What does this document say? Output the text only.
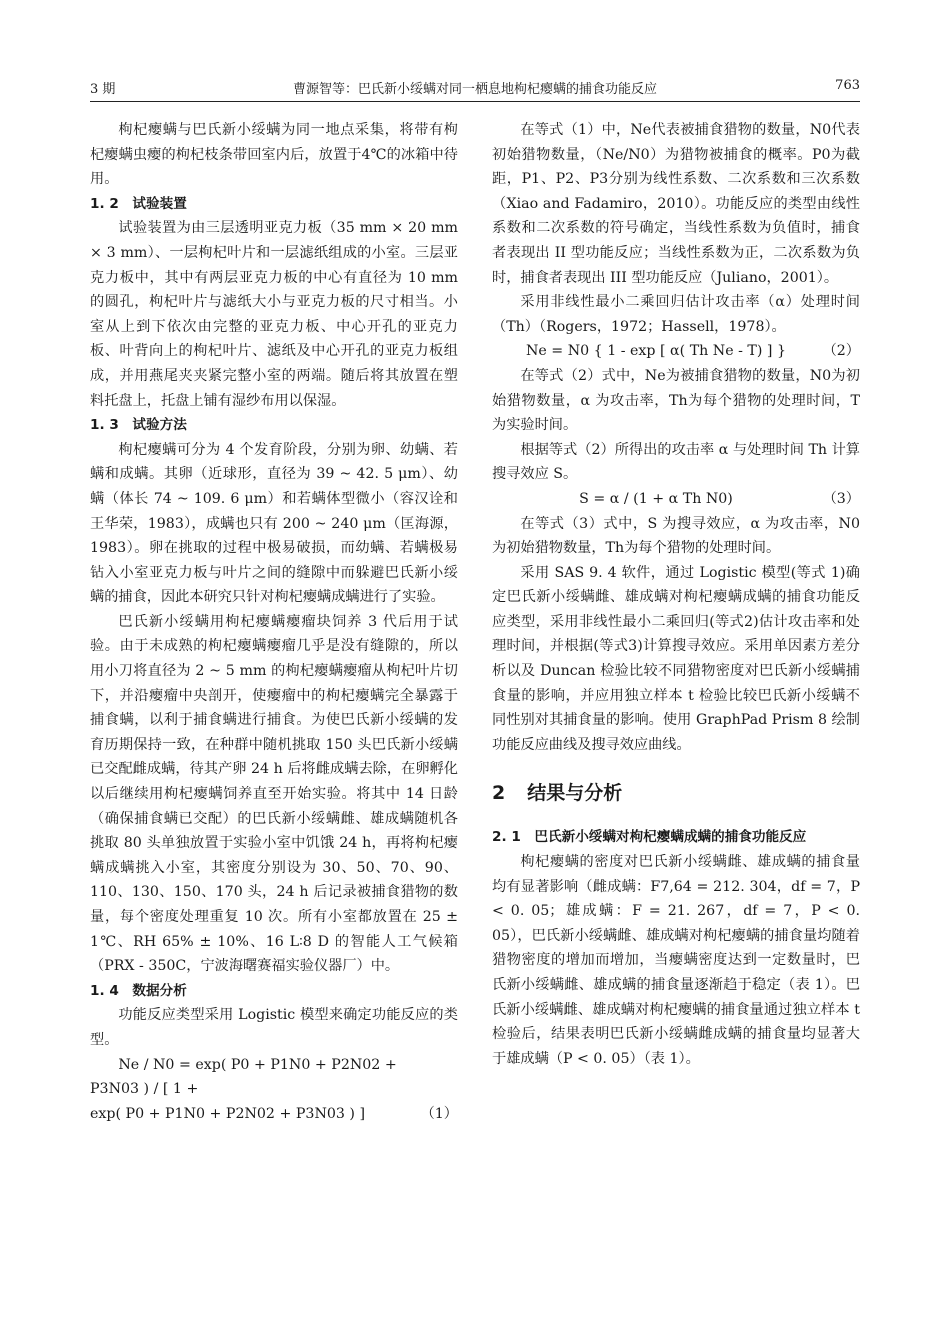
3 期	曹源智等：巴氏新小绥螨对同一栖息地枸杞瘿螨的捕食功能反应	763

枸杞瘿螨与巴氏新小绥螨为同一地点采集，将带有枸杞瘿螨虫瘿的枸杞枝条带回室内后，放置于4℃的冰箱中待用。

1. 2　试验装置

试验装置为由三层透明亚克力板（35 mm × 20 mm × 3 mm）、一层枸杞叶片和一层滤纸组成的小室。三层亚克力板中，其中有两层亚克力板的中心有直径为 10 mm 的圆孔，枸杞叶片与滤纸大小与亚克力板的尺寸相当。小室从上到下依次由完整的亚克力板、中心开孔的亚克力板、叶背向上的枸杞叶片、滤纸及中心开孔的亚克力板组成，并用燕尾夹夹紧完整小室的两端。随后将其放置在塑料托盘上，托盘上铺有湿纱布用以保湿。

1. 3　试验方法

枸杞瘿螨可分为 4 个发育阶段，分别为卵、幼螨、若螨和成螨。其卵（近球形，直径为 39 ~ 42. 5 μm）、幼螨（体长 74 ~ 109. 6 μm）和若螨体型微小（容汉诠和王华荣，1983），成螨也只有 200 ~ 240 μm（匡海源，1983）。卵在挑取的过程中极易破损，而幼螨、若螨极易钻入小室亚克力板与叶片之间的缝隙中而躲避巴氏新小绥螨的捕食，因此本研究只针对枸杞瘿螨成螨进行了实验。

巴氏新小绥螨用枸杞瘿螨瘿瘤块饲养 3 代后用于试验。由于未成熟的枸杞瘿螨瘿瘤几乎是没有缝隙的，所以用小刀将直径为 2 ~ 5 mm 的枸杞瘿螨瘿瘤从枸杞叶片切下，并沿瘿瘤中央剖开，使瘿瘤中的枸杞瘿螨完全暴露于捕食螨，以利于捕食螨进行捕食。为使巴氏新小绥螨的发育历期保持一致，在种群中随机挑取 150 头巴氏新小绥螨已交配雌成螨，待其产卵 24 h 后将雌成螨去除，在卵孵化以后继续用枸杞瘿螨饲养直至开始实验。将其中 14 日龄（确保捕食螨已交配）的巴氏新小绥螨雌、雄成螨随机各挑取 80 头单独放置于实验小室中饥饿 24 h，再将枸杞瘿螨成螨挑入小室，其密度分别设为 30、50、70、90、110、130、150、170 头，24 h 后记录被捕食猎物的数量，每个密度处理重复 10 次。所有小室都放置在 25 ± 1℃、RH 65% ± 10%、16 L∶8 D 的智能人工气候箱（PRX - 350C，宁波海曙赛福实验仪器厂）中。

1. 4　数据分析

功能反应类型采用 Logistic 模型来确定功能反应的类型。

Ne / N0 = exp( P0 + P1N0 + P2N02 + P3N03 ) / [ 1 +

exp( P0 + P1N0 + P2N02 + P3N03 ) ]	（1）

在等式（1）中，Ne代表被捕食猎物的数量，N0代表初始猎物数量，（Ne/N0）为猎物被捕食的概率。P0为截距，P1、P2、P3分别为线性系数、二次系数和三次系数（Xiao and Fadamiro，2010）。功能反应的类型由线性系数和二次系数的符号确定，当线性系数为负值时，捕食者表现出 II 型功能反应；当线性系数为正，二次系数为负时，捕食者表现出 III 型功能反应（Juliano，2001）。

采用非线性最小二乘回归估计攻击率（α）处理时间（Th）（Rogers，1972；Hassell，1978）。

Ne = N0 { 1 - exp [ α( Th Ne - T) ] }	（2）

在等式（2）式中，Ne为被捕食猎物的数量，N0为初始猎物数量，α 为攻击率，Th为每个猎物的处理时间，T 为实验时间。

根据等式（2）所得出的攻击率 α 与处理时间 Th 计算搜寻效应 S。

S = α / (1 + α Th N0)	（3）

在等式（3）式中，S 为搜寻效应，α 为攻击率，N0为初始猎物数量，Th为每个猎物的处理时间。

采用 SAS 9. 4 软件，通过 Logistic 模型(等式 1)确定巴氏新小绥螨雌、雄成螨对枸杞瘿螨成螨的捕食功能反应类型，采用非线性最小二乘回归(等式2)估计攻击率和处理时间，并根据(等式3)计算搜寻效应。采用单因素方差分析以及 Duncan 检验比较不同猎物密度对巴氏新小绥螨捕食量的影响，并应用独立样本 t 检验比较巴氏新小绥螨不同性别对其捕食量的影响。使用 GraphPad Prism 8 绘制功能反应曲线及搜寻效应曲线。

2 结果与分析

2. 1　巴氏新小绥螨对枸杞瘿螨成螨的捕食功能反应

枸杞瘿螨的密度对巴氏新小绥螨雌、雄成螨的捕食量均有显著影响（雌成螨：F7,64 = 212. 304，df = 7，P < 0. 05；雄成螨：F = 21. 267，df = 7，P < 0. 05），巴氏新小绥螨雌、雄成螨对枸杞瘿螨的捕食量均随着猎物密度的增加而增加，当瘿螨密度达到一定数量时，巴氏新小绥螨雌、雄成螨的捕食量逐渐趋于稳定（表 1）。巴氏新小绥螨雌、雄成螨对枸杞瘿螨的捕食量通过独立样本 t 检验后，结果表明巴氏新小绥螨雌成螨的捕食量均显著大于雄成螨（P < 0. 05）（表 1）。
